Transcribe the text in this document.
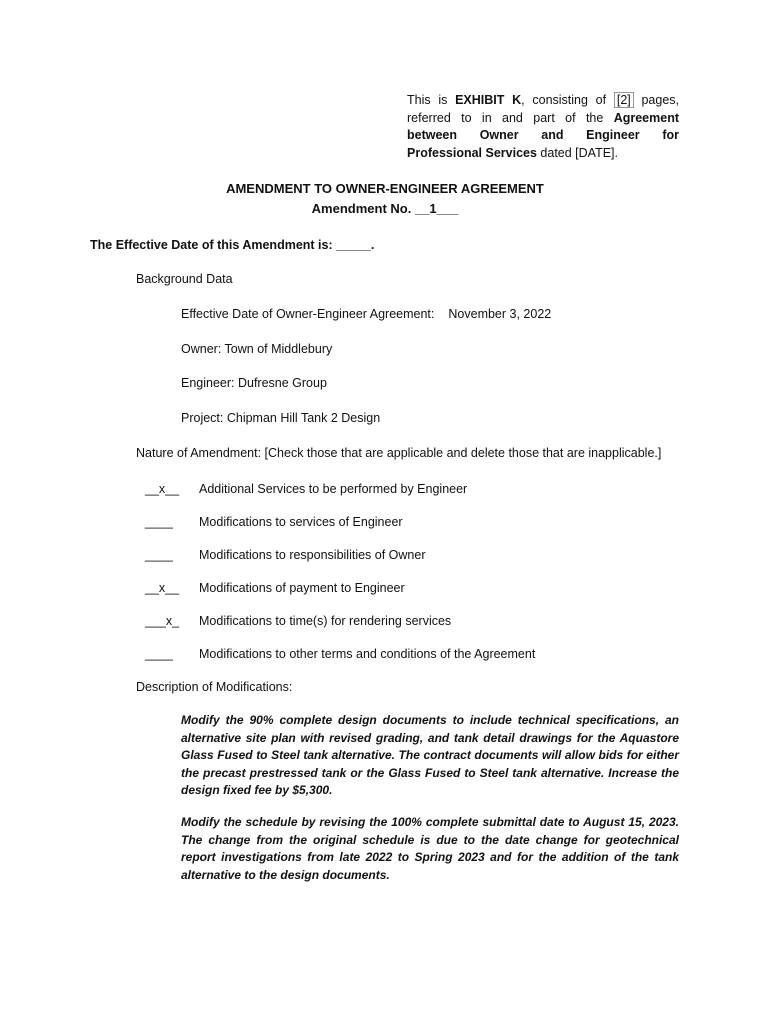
This is EXHIBIT K, consisting of [2] pages, referred to in and part of the Agreement between Owner and Engineer for Professional Services dated [DATE].
AMENDMENT TO OWNER-ENGINEER AGREEMENT
Amendment No. __1___
The Effective Date of this Amendment is: _____.
Background Data
Effective Date of Owner-Engineer Agreement: November 3, 2022
Owner: Town of Middlebury
Engineer: Dufresne Group
Project: Chipman Hill Tank 2 Design
Nature of Amendment: [Check those that are applicable and delete those that are inapplicable.]
__x__ Additional Services to be performed by Engineer
____ Modifications to services of Engineer
____ Modifications to responsibilities of Owner
__x__ Modifications of payment to Engineer
___x_ Modifications to time(s) for rendering services
____ Modifications to other terms and conditions of the Agreement
Description of Modifications:
Modify the 90% complete design documents to include technical specifications, an alternative site plan with revised grading, and tank detail drawings for the Aquastore Glass Fused to Steel tank alternative. The contract documents will allow bids for either the precast prestressed tank or the Glass Fused to Steel tank alternative. Increase the design fixed fee by $5,300.
Modify the schedule by revising the 100% complete submittal date to August 15, 2023. The change from the original schedule is due to the date change for geotechnical report investigations from late 2022 to Spring 2023 and for the addition of the tank alternative to the design documents.
